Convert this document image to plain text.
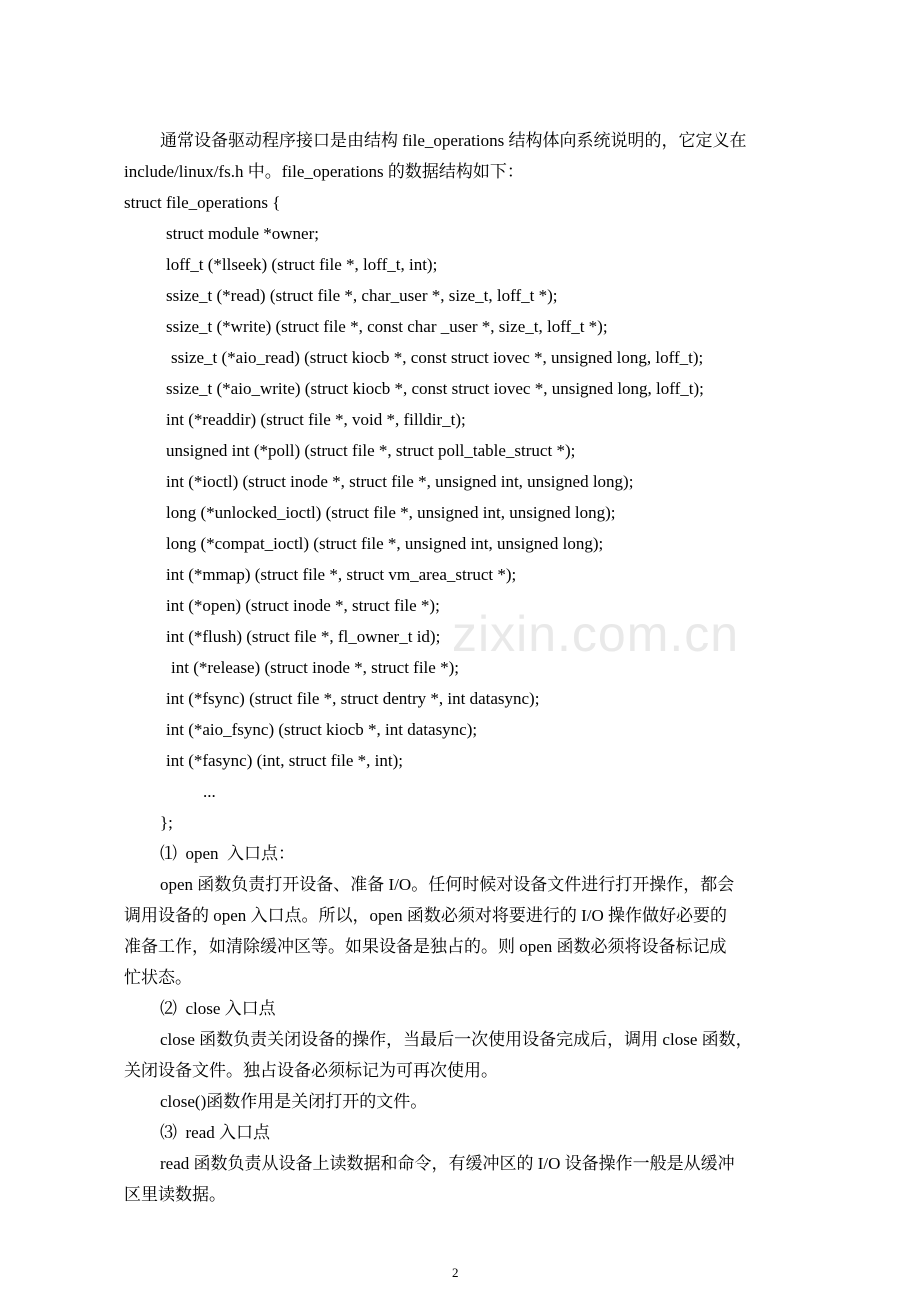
通常设备驱动程序接口是由结构 file_operations 结构体向系统说明的，它定义在
include/linux/fs.h 中。file_operations 的数据结构如下：
struct file_operations {
struct module *owner;
loff_t (*llseek) (struct file *, loff_t, int);
ssize_t (*read) (struct file *, char_user *, size_t, loff_t *);
ssize_t (*write) (struct file *, const char _user *, size_t, loff_t *);
ssize_t (*aio_read) (struct kiocb *, const struct iovec *, unsigned long, loff_t);
ssize_t (*aio_write) (struct kiocb *, const struct iovec *, unsigned long, loff_t);
int (*readdir) (struct file *, void *, filldir_t);
unsigned int (*poll) (struct file *, struct poll_table_struct *);
int (*ioctl) (struct inode *, struct file *, unsigned int, unsigned long);
long (*unlocked_ioctl) (struct file *, unsigned int, unsigned long);
long (*compat_ioctl) (struct file *, unsigned int, unsigned long);
int (*mmap) (struct file *, struct vm_area_struct *);
int (*open) (struct inode *, struct file *);
int (*flush) (struct file *, fl_owner_t id);
int (*release) (struct inode *, struct file *);
int (*fsync) (struct file *, struct dentry *, int datasync);
int (*aio_fsync) (struct kiocb *, int datasync);
int (*fasync) (int, struct file *, int);
...
};
⑴  open  入口点：
open 函数负责打开设备、准备 I/O。任何时候对设备文件进行打开操作，都会
调用设备的 open 入口点。所以，open 函数必须对将要进行的 I/O 操作做好必要的
准备工作，如清除缓冲区等。如果设备是独占的。则 open 函数必须将设备标记成
忙状态。
⑵  close 入口点
close 函数负责关闭设备的操作，当最后一次使用设备完成后，调用 close 函数，
关闭设备文件。独占设备必须标记为可再次使用。
close()函数作用是关闭打开的文件。
⑶  read 入口点
read 函数负责从设备上读数据和命令，有缓冲区的 I/O 设备操作一般是从缓冲
区里读数据。
zixin.com.cn
2
